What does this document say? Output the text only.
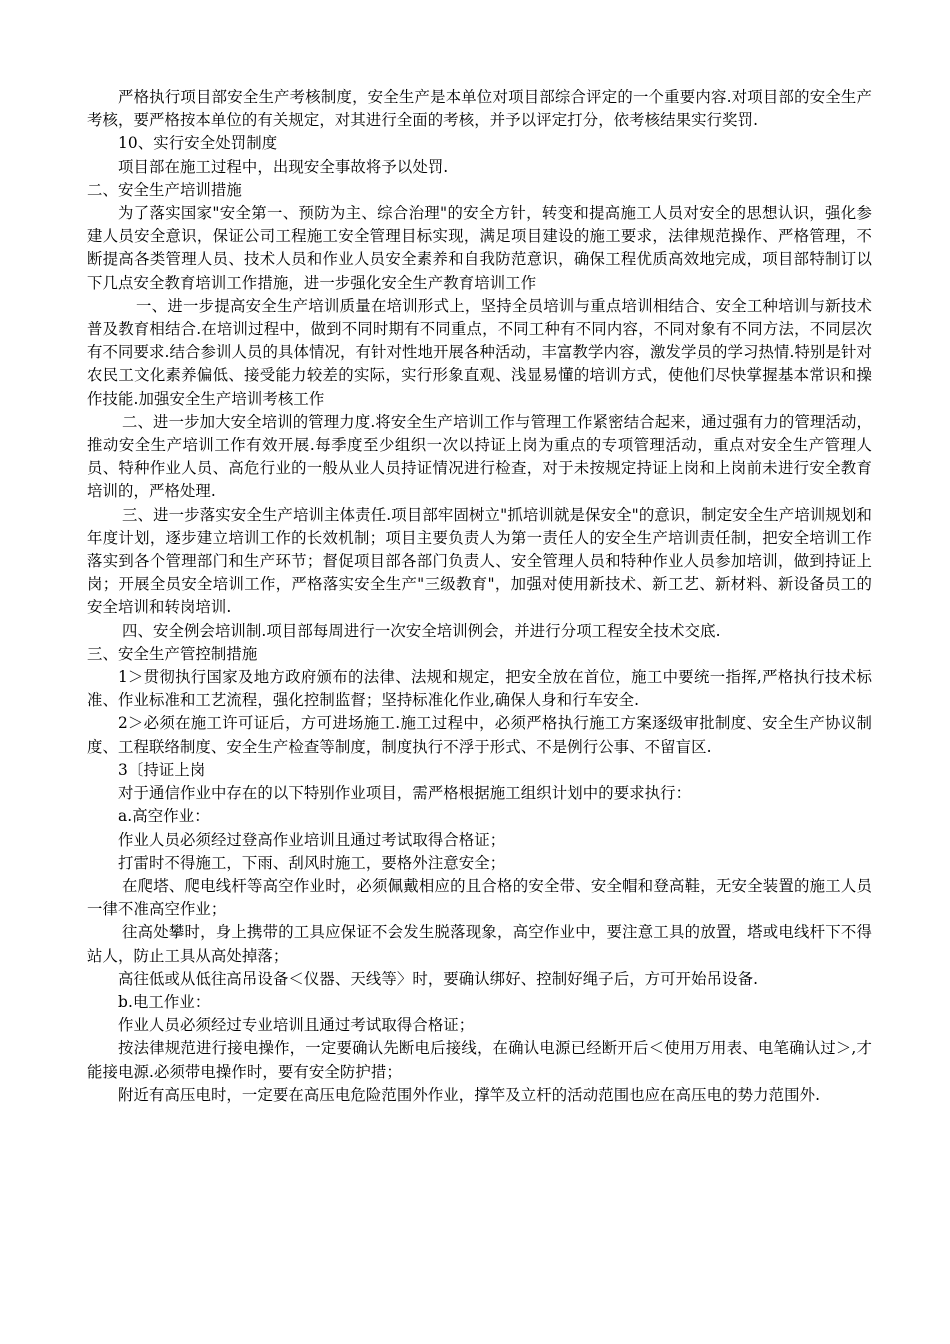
严格执行项目部安全生产考核制度，安全生产是本单位对项目部综合评定的一个重要内容.对项目部的安全生产考核，要严格按本单位的有关规定，对其进行全面的考核，并予以评定打分，依考核结果实行奖罚.

10、实行安全处罚制度

项目部在施工过程中，出现安全事故将予以处罚.

二、安全生产培训措施

为了落实国家"安全第一、预防为主、综合治理"的安全方针，转变和提高施工人员对安全的思想认识，强化参建人员安全意识，保证公司工程施工安全管理目标实现，满足项目建设的施工要求，法律规范操作、严格管理，不断提高各类管理人员、技术人员和作业人员安全素养和自我防范意识，确保工程优质高效地完成，项目部特制订以下几点安全教育培训工作措施，进一步强化安全生产教育培训工作

一、进一步提高安全生产培训质量在培训形式上，坚持全员培训与重点培训相结合、安全工种培训与新技术普及教育相结合.在培训过程中，做到不同时期有不同重点，不同工种有不同内容，不同对象有不同方法，不同层次有不同要求.结合参训人员的具体情况，有针对性地开展各种活动，丰富教学内容，激发学员的学习热情.特别是针对农民工文化素养偏低、接受能力较差的实际，实行形象直观、浅显易懂的培训方式，使他们尽快掌握基本常识和操作技能.加强安全生产培训考核工作

二、进一步加大安全培训的管理力度.将安全生产培训工作与管理工作紧密结合起来，通过强有力的管理活动，推动安全生产培训工作有效开展.每季度至少组织一次以持证上岗为重点的专项管理活动，重点对安全生产管理人员、特种作业人员、高危行业的一般从业人员持证情况进行检查，对于未按规定持证上岗和上岗前未进行安全教育培训的，严格处理.

三、进一步落实安全生产培训主体责任.项目部牢固树立"抓培训就是保安全"的意识，制定安全生产培训规划和年度计划，逐步建立培训工作的长效机制；项目主要负责人为第一责任人的安全生产培训责任制，把安全培训工作落实到各个管理部门和生产环节；督促项目部各部门负责人、安全管理人员和特种作业人员参加培训，做到持证上岗；开展全员安全培训工作，严格落实安全生产"三级教育"，加强对使用新技术、新工艺、新材料、新设备员工的安全培训和转岗培训.

四、安全例会培训制.项目部每周进行一次安全培训例会，并进行分项工程安全技术交底.

三、安全生产管控制措施

1＞贯彻执行国家及地方政府颁布的法律、法规和规定，把安全放在首位，施工中要统一指挥,严格执行技术标准、作业标准和工艺流程，强化控制监督；坚持标准化作业,确保人身和行车安全.

2＞必须在施工许可证后，方可进场施工.施工过程中，必须严格执行施工方案逐级审批制度、安全生产协议制度、工程联络制度、安全生产检查等制度，制度执行不浮于形式、不是例行公事、不留盲区.

3〔持证上岗

对于通信作业中存在的以下特别作业项目，需严格根据施工组织计划中的要求执行：

a.高空作业：

作业人员必须经过登高作业培训且通过考试取得合格证；

打雷时不得施工，下雨、刮风时施工，要格外注意安全；

在爬塔、爬电线杆等高空作业时，必须佩戴相应的且合格的安全带、安全帽和登高鞋，无安全装置的施工人员一律不准高空作业；

往高处攀时，身上携带的工具应保证不会发生脱落现象，高空作业中，要注意工具的放置，塔或电线杆下不得站人，防止工具从高处掉落；

高往低或从低往高吊设备＜仪器、天线等〉时，要确认绑好、控制好绳子后，方可开始吊设备.

b.电工作业：

作业人员必须经过专业培训且通过考试取得合格证；

按法律规范进行接电操作，一定要确认先断电后接线，在确认电源已经断开后＜使用万用表、电笔确认过＞,才能接电源.必须带电操作时，要有安全防护措；

附近有高压电时，一定要在高压电危险范围外作业，撑竿及立杆的活动范围也应在高压电的势力范围外.
